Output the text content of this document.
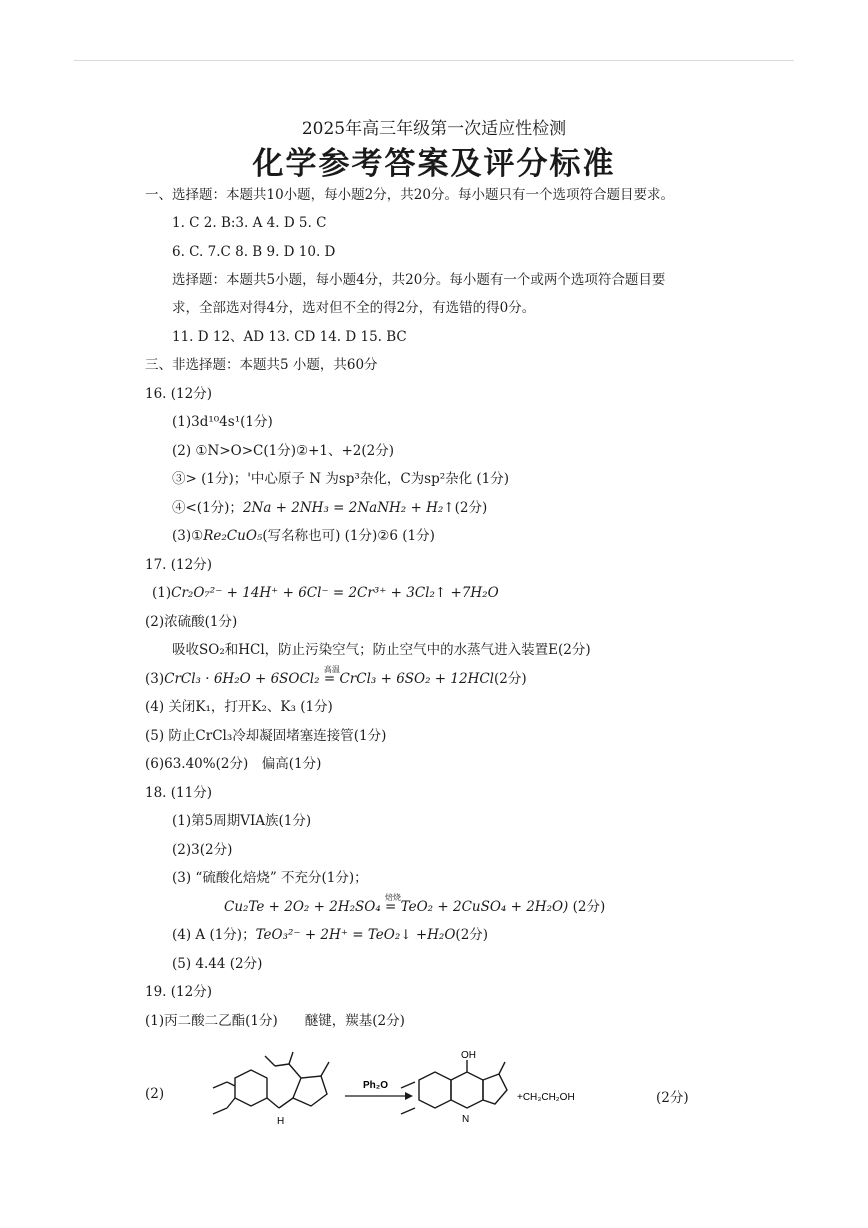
2025年高三年级第一次适应性检测
化学参考答案及评分标准
一、选择题：本题共10小题，每小题2分，共20分。每小题只有一个选项符合题目要求。
1. C 2. B:3. A 4. D 5. C
6. C. 7.C 8. B 9. D 10. D
选择题：本题共5小题，每小题4分，共20分。每小题有一个或两个选项符合题目要
求，全部选对得4分，选对但不全的得2分，有选错的得0分。
11. D 12、AD 13. CD 14. D 15. BC
三、非选择题：本题共5 小题，共60分
16. (12分)
(1)3d¹⁰4s¹(1分)
(2) ①N>O>C(1分)②+1、+2(2分)
③> (1分)；'中心原子 N 为sp³杂化，C为sp²杂化 (1分)
④<(1分)；2Na + 2NH₃ = 2NaNH₂ + H₂↑(2分)
(3)①Re₂CuO₅(写名称也可) (1分)②6 (1分)
17. (12分)
(1)Cr₂O₇²⁻ + 14H⁺ + 6Cl⁻ = 2Cr³⁺ + 3Cl₂↑ +7H₂O
(2)浓硫酸(1分)
吸收SO₂和HCl，防止污染空气；防止空气中的水蒸气进入装置E(2分)
(3)CrCl₃ · 6H₂O + 6SOCl₂
高温
= CrCl₃ + 6SO₂ + 12HCl(2分)
(4) 关闭K₁，打开K₂、K₃ (1分)
(5) 防止CrCl₃冷却凝固堵塞连接管(1分)
(6)63.40%(2分)　偏高(1分)
18. (11分)
(1)第5周期VIA族(1分)
(2)3(2分)
(3) “硫酸化焙烧” 不充分(1分)；
Cu₂Te + 2O₂ + 2H₂SO₄
焙烧
= TeO₂ + 2CuSO₄ + 2H₂O) (2分)
(4) A (1分)；TeO₃²⁻ + 2H⁺ = TeO₂↓ +H₂O(2分)
(5) 4.44 (2分)
19. (12分)
(1)丙二酸二乙酯(1分)　　醚键，羰基(2分)
(2)
H
Ph₂O
OH
N
+CH₃CH₂OH	(2分)
